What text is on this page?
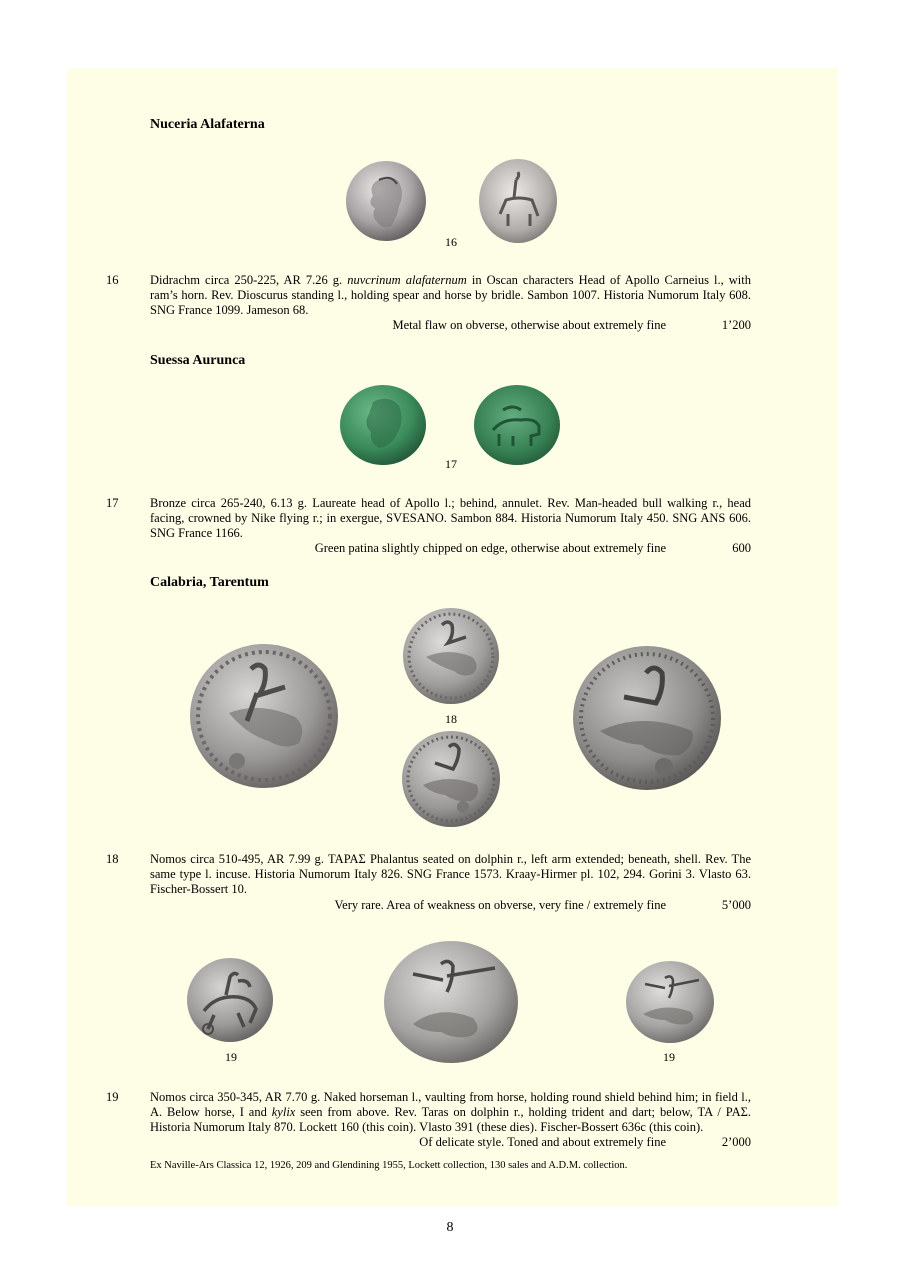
Nuceria Alafaterna
16
16	Didrachm circa 250-225, AR 7.26 g. nuvcrinum alafaternum in Oscan characters Head of Apollo Carneius l., with ram’s horn. Rev. Dioscurus standing l., holding spear and horse by bridle. Sambon 1007. Historia Numorum Italy 608. SNG France 1099. Jameson 68.
Metal flaw on obverse, otherwise about extremely fine	1’200
Suessa Aurunca
17
17	Bronze circa 265-240, 6.13 g. Laureate head of Apollo l.; behind, annulet. Rev. Man-headed bull walking r., head facing, crowned by Nike flying r.; in exergue, SVESANO. Sambon 884. Historia Numorum Italy 450. SNG ANS 606. SNG France 1166.
Green patina slightly chipped on edge, otherwise about extremely fine	600
Calabria, Tarentum
18
18	Nomos circa 510-495, AR 7.99 g. ΤΑΡΑΣ Phalantus seated on dolphin r., left arm extended; beneath, shell. Rev. The same type l. incuse. Historia Numorum Italy 826. SNG France 1573. Kraay-Hirmer pl. 102, 294. Gorini 3. Vlasto 63. Fischer-Bossert 10.
Very rare. Area of weakness on obverse, very fine / extremely fine	5’000
19	19
19	Nomos circa 350-345, AR 7.70 g. Naked horseman l., vaulting from horse, holding round shield behind him; in field l., A. Below horse, I and kylix seen from above. Rev. Taras on dolphin r., holding trident and dart; below, TA / ΡΑΣ. Historia Numorum Italy 870. Lockett 160 (this coin). Vlasto 391 (these dies). Fischer-Bossert 636c (this coin).
Of delicate style. Toned and about extremely fine	2’000
Ex Naville-Ars Classica 12, 1926, 209 and Glendining 1955, Lockett collection, 130 sales and A.D.M. collection.
8
